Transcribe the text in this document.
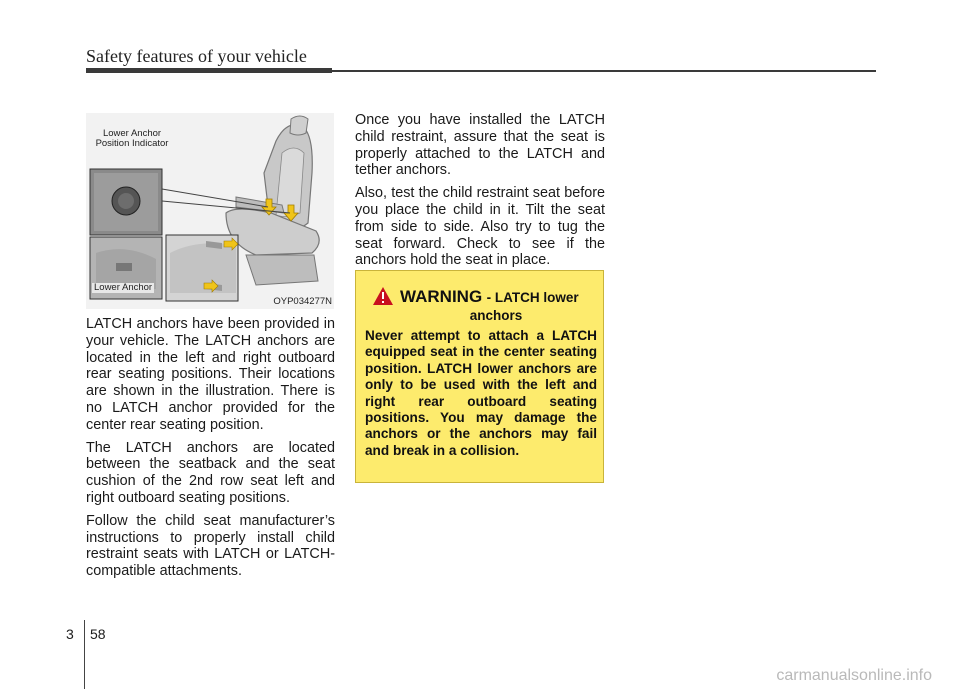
Safety features of your vehicle
Lower Anchor
Position Indicator
Lower Anchor
OYP034277N

LATCH anchors have been provided in your vehicle. The LATCH anchors are located in the left and right outboard rear seating positions. Their locations are shown in the illustration. There is no LATCH anchor provided for the center rear seating position.

The LATCH anchors are located between the seatback and the seat cushion of the 2nd row seat left and right outboard seating positions.

Follow the child seat manufacturer’s instructions to properly install child restraint seats with LATCH or LATCH-compatible attachments.

Once you have installed the LATCH child restraint, assure that the seat is properly attached to the LATCH and tether anchors.

Also, test the child restraint seat before you place the child in it. Tilt the seat from side to side. Also try to tug the seat forward. Check to see if the anchors hold the seat in place.

WARNING - LATCH lower
anchors
Never attempt to attach a LATCH equipped seat in the center seating position. LATCH lower anchors are only to be used with the left and right rear outboard seating positions. You may damage the anchors or the anchors may fail and break in a collision.
3 58
carmanualsonline.info
